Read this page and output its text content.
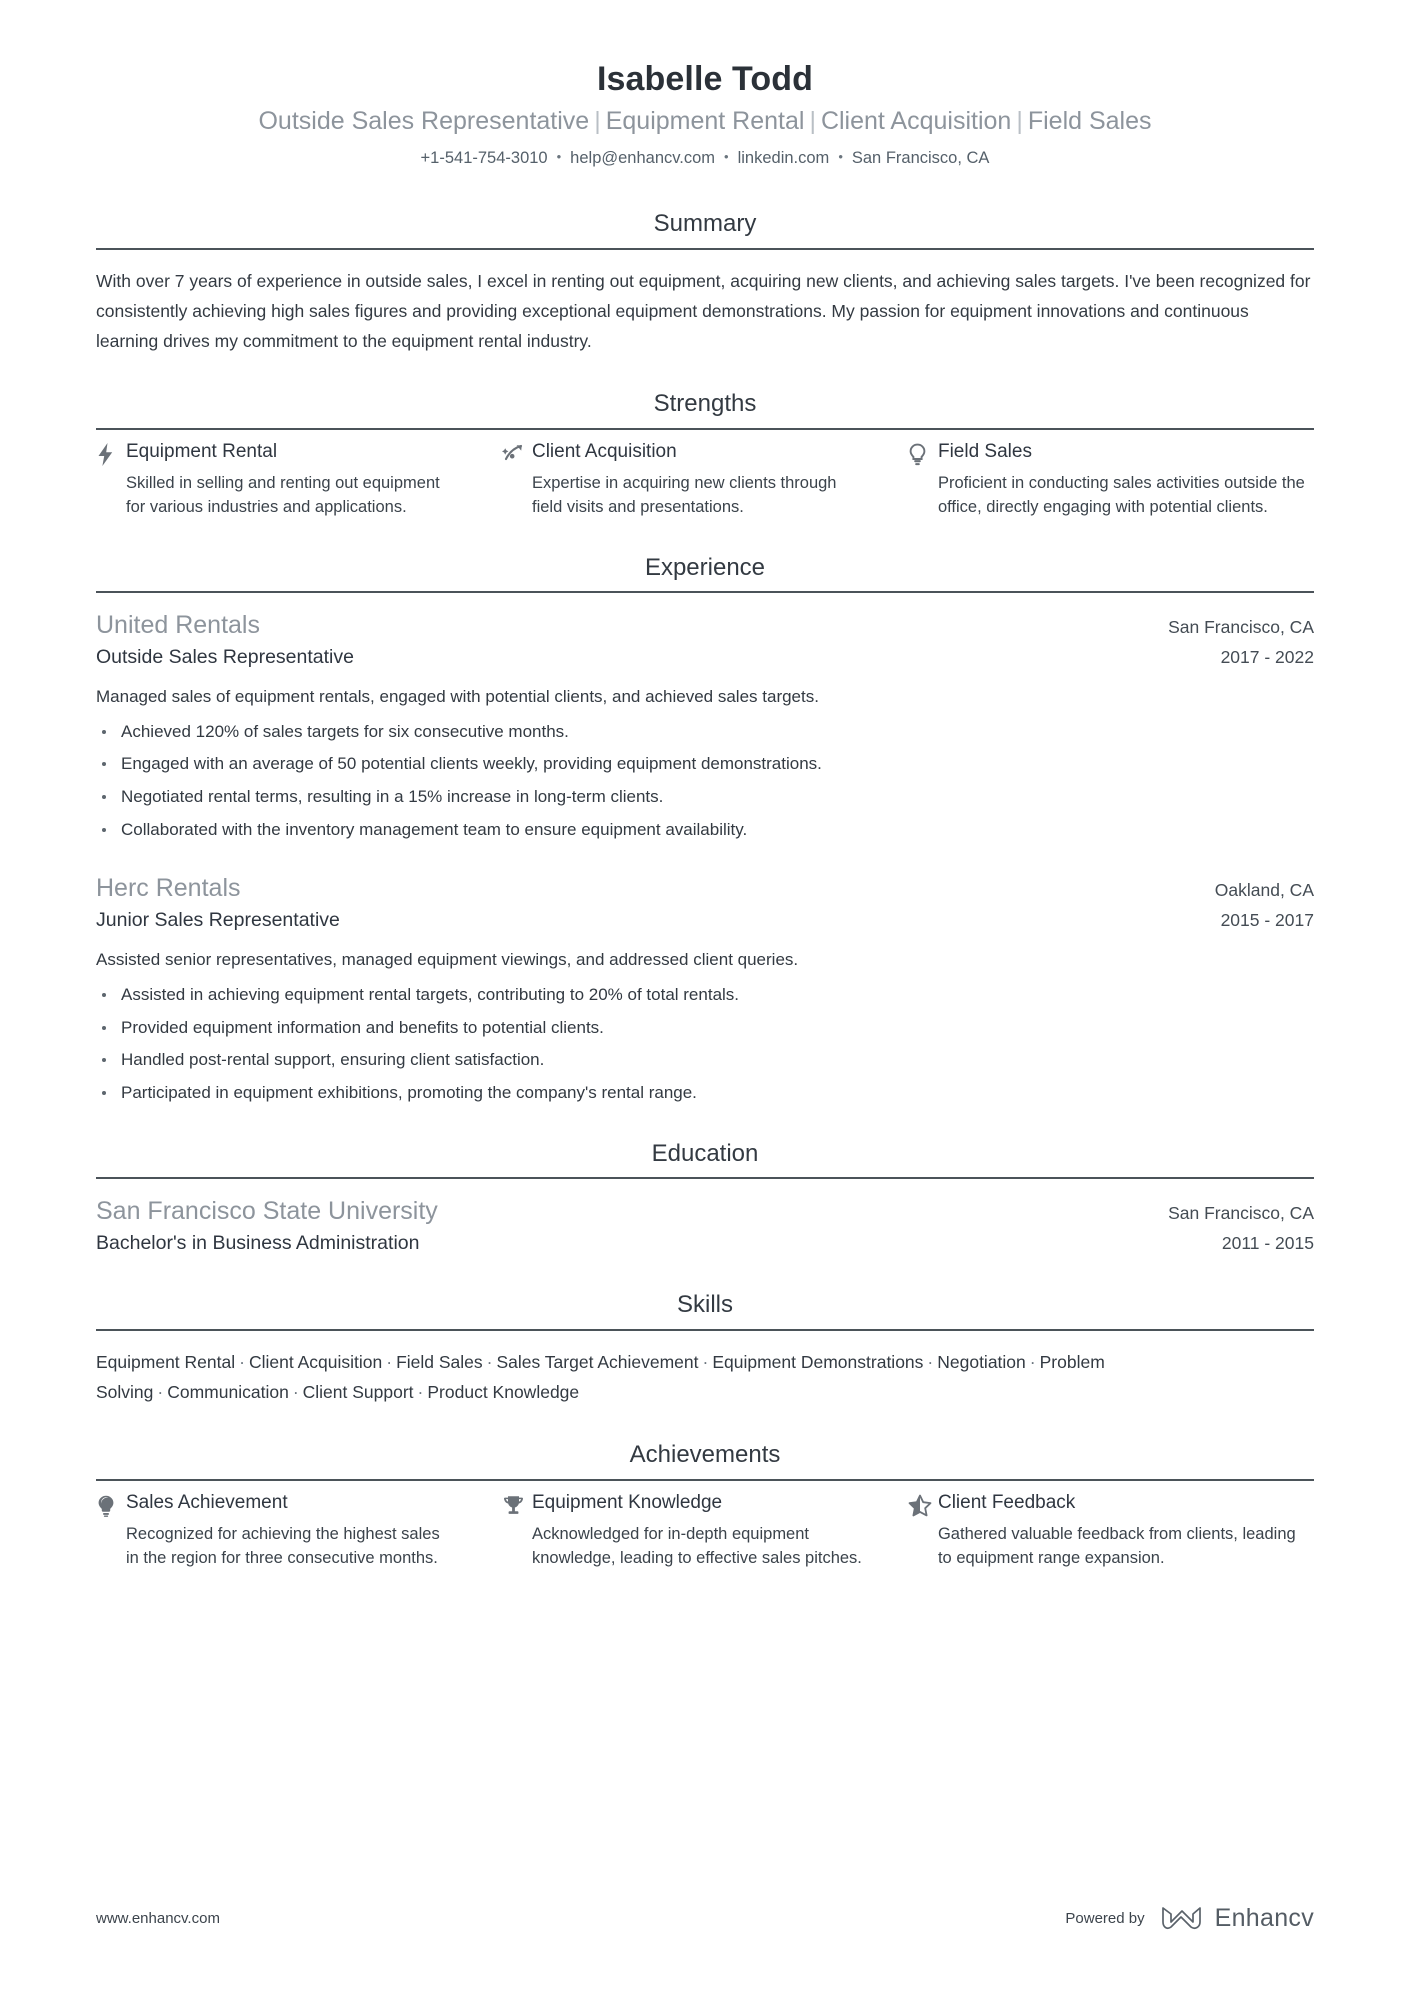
Isabelle Todd
Outside Sales Representative | Equipment Rental | Client Acquisition | Field Sales
+1-541-754-3010 • help@enhancv.com • linkedin.com • San Francisco, CA
Summary
With over 7 years of experience in outside sales, I excel in renting out equipment, acquiring new clients, and achieving sales targets. I've been recognized for consistently achieving high sales figures and providing exceptional equipment demonstrations. My passion for equipment innovations and continuous learning drives my commitment to the equipment rental industry.
Strengths
Equipment Rental
Skilled in selling and renting out equipment for various industries and applications.
Client Acquisition
Expertise in acquiring new clients through field visits and presentations.
Field Sales
Proficient in conducting sales activities outside the office, directly engaging with potential clients.
Experience
United Rentals	San Francisco, CA
Outside Sales Representative	2017 - 2022
Managed sales of equipment rentals, engaged with potential clients, and achieved sales targets.
Achieved 120% of sales targets for six consecutive months.
Engaged with an average of 50 potential clients weekly, providing equipment demonstrations.
Negotiated rental terms, resulting in a 15% increase in long-term clients.
Collaborated with the inventory management team to ensure equipment availability.
Herc Rentals	Oakland, CA
Junior Sales Representative	2015 - 2017
Assisted senior representatives, managed equipment viewings, and addressed client queries.
Assisted in achieving equipment rental targets, contributing to 20% of total rentals.
Provided equipment information and benefits to potential clients.
Handled post-rental support, ensuring client satisfaction.
Participated in equipment exhibitions, promoting the company's rental range.
Education
San Francisco State University	San Francisco, CA
Bachelor's in Business Administration	2011 - 2015
Skills
Equipment Rental · Client Acquisition · Field Sales · Sales Target Achievement · Equipment Demonstrations · Negotiation · Problem Solving · Communication · Client Support · Product Knowledge
Achievements
Sales Achievement
Recognized for achieving the highest sales in the region for three consecutive months.
Equipment Knowledge
Acknowledged for in-depth equipment knowledge, leading to effective sales pitches.
Client Feedback
Gathered valuable feedback from clients, leading to equipment range expansion.
www.enhancv.com	Powered by	Enhancv
